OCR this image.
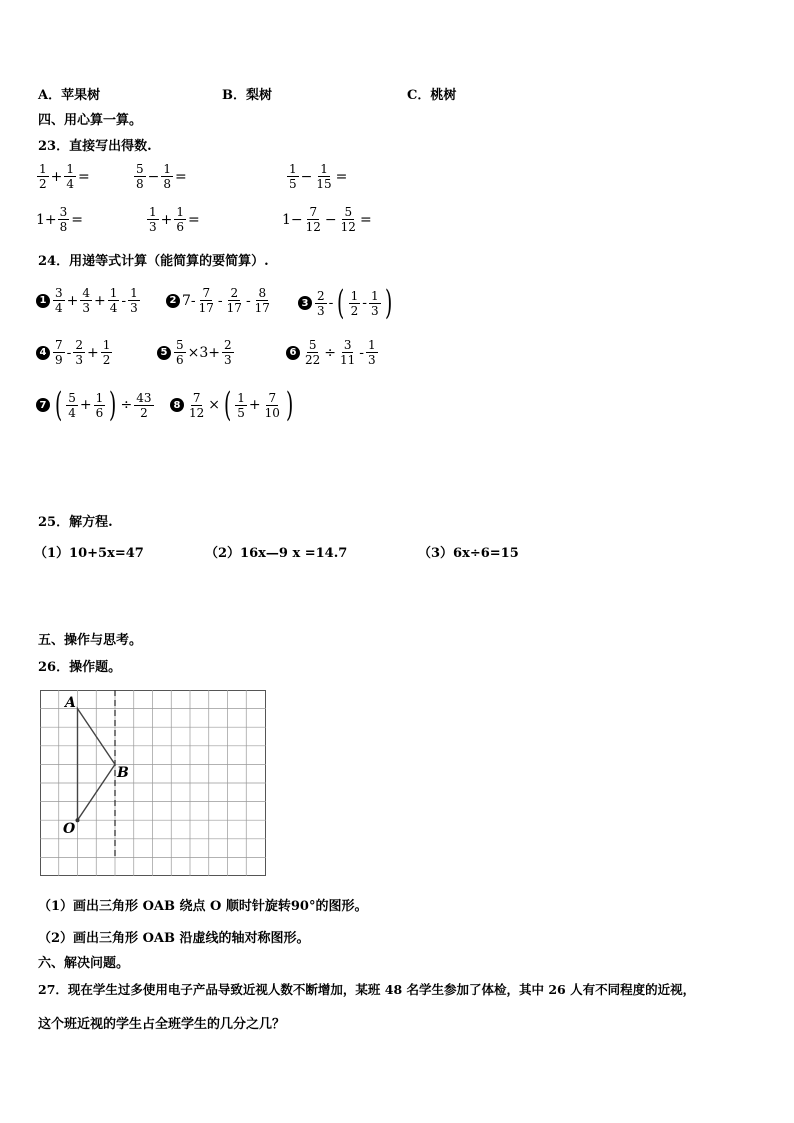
A．苹果树	B．梨树	C．桃树
四、用心算一算。
23．直接写出得数.
$\frac{1}{2} + \frac{1}{4}$ =	$\frac{5}{8} - \frac{1}{8}$ =	$\frac{1}{5} - \frac{1}{15}$ =
$1+ \frac{3}{8}$ =	$\frac{1}{3} + \frac{1}{6}$ =	$1- \frac{7}{12} - \frac{5}{12}$ =
24．用递等式计算（能简算的要简算）.
$1 \frac{3}{4} + \frac{4}{3} + \frac{1}{4} - \frac{1}{3}$	2 $7- \frac{7}{17} - \frac{2}{17} - \frac{8}{17}$	$3 \frac{2}{3}$ - ( $\frac{1}{2} - \frac{1}{3}$ )
$4 \frac{7}{9} - \frac{2}{3} + \frac{1}{2}$	$5 \frac{5}{6} \times 3+ \frac{2}{3}$	$6 \frac{5}{22} \div \frac{3}{11} - \frac{1}{3}$
7 ( $\frac{5}{4} + \frac{1}{6}$ ) ÷ $\frac{43}{2}$	$8 \frac{7}{12}$ × ( $\frac{1}{5} + \frac{7}{10}$ )
25．解方程.
（1）10+5x=47	（2）16x—9 x =14.7	（3）6x÷6=15
五、操作与思考。
26．操作题。
A
B
O
（1）画出三角形 OAB 绕点 O 顺时针旋转90°的图形。
（2）画出三角形 OAB 沿虚线的轴对称图形。
六、解决问题。
27．现在学生过多使用电子产品导致近视人数不断增加，某班 48 名学生参加了体检，其中 26 人有不同程度的近视，
这个班近视的学生占全班学生的几分之几？
